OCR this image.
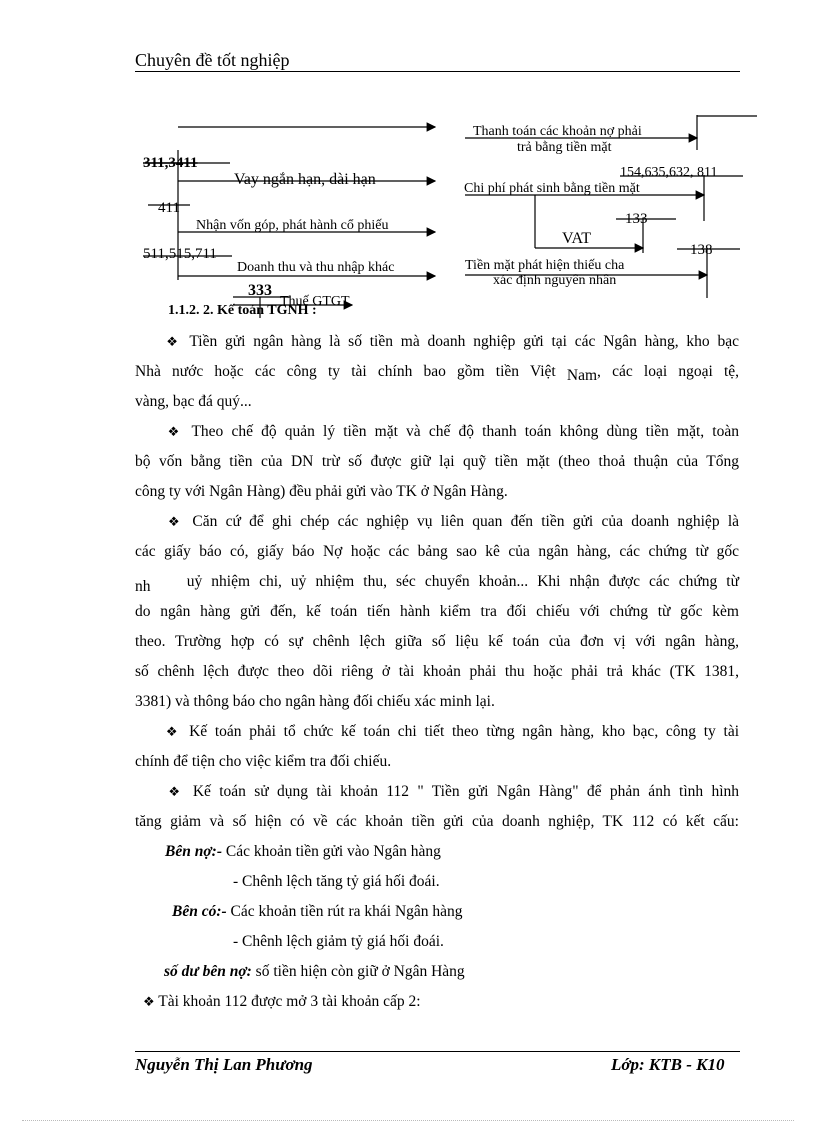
Chuyên đề tốt nghiệp
311,3411
411
511,515,711
333
154,635,632, 811
133
138
Vay ngắn hạn, dài hạn
Nhận vốn góp, phát hành cổ phiếu
Doanh thu và thu nhập khác
Thuế GTGT
Thanh toán các khoản nợ phải
trả bằng tiền mặt
Chi phí phát sinh bằng tiền mặt
VAT
Tiền mặt phát hiện thiếu cha
xác định nguyên nhân
1.1.2. 2. Kế toán TGNH :
❖ Tiền gửi ngân hàng là số tiền mà doanh nghiệp gửi tại các Ngân hàng, kho bạc
Nhà nước hoặc các công ty tài chính bao gồm tiền Việt Nam, các loại ngoại tệ,
vàng, bạc đá quý...
❖ Theo chế độ quản lý tiền mặt và chế độ thanh toán không dùng tiền mặt, toàn
bộ vốn bằng tiền của DN trừ số được giữ lại quỹ tiền mặt (theo thoả thuận của Tổng
công ty với Ngân Hàng) đều phải gửi vào TK ở Ngân Hàng.
❖ Căn cứ để ghi chép các nghiệp vụ liên quan đến tiền gửi của doanh nghiệp là
các giấy báo có, giấy báo Nợ hoặc các bảng sao kê của ngân hàng, các chứng từ gốc
nh uỷ nhiệm chi, uỷ nhiệm thu, séc chuyển khoản... Khi nhận được các chứng từ
do ngân hàng gửi đến, kế toán tiến hành kiểm tra đối chiếu với chứng từ gốc kèm
theo. Trường hợp có sự chênh lệch giữa số liệu kế toán của đơn vị với ngân hàng,
số chênh lệch được theo dõi riêng ở tài khoản phải thu hoặc phải trả khác (TK 1381,
3381) và thông báo cho ngân hàng đối chiếu xác minh lại.
❖ Kế toán phải tổ chức kế toán chi tiết theo từng ngân hàng, kho bạc, công ty tài
chính để tiện cho việc kiểm tra đối chiếu.
❖ Kế toán sử dụng tài khoản 112 " Tiền gửi Ngân Hàng" để phản ánh tình hình
tăng giảm và số hiện có về các khoản tiền gửi của doanh nghiệp, TK 112 có kết cấu:
Bên nợ:- Các khoản tiền gửi vào Ngân hàng
- Chênh lệch tăng tỷ giá hối đoái.
Bên có:- Các khoản tiền rút ra khái Ngân hàng
- Chênh lệch giảm tỷ giá hối đoái.
số dư bên nợ: số tiền hiện còn giữ ở Ngân Hàng
❖ Tài khoản 112 được mở 3 tài khoản cấp 2:
Nguyễn Thị Lan Phương	Lớp: KTB - K10
